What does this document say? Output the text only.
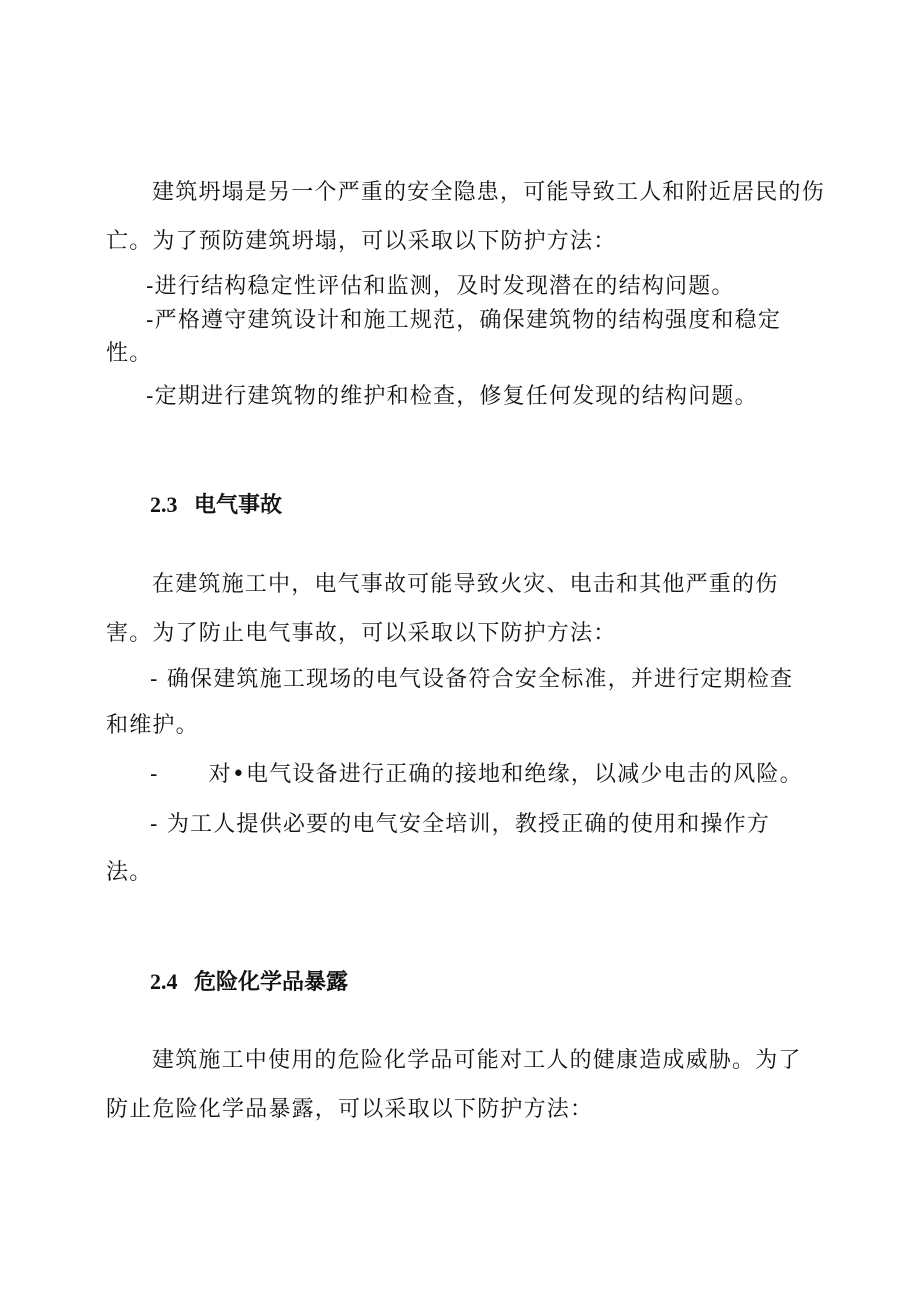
建筑坍塌是另一个严重的安全隐患，可能导致工人和附近居民的伤
亡。为了预防建筑坍塌，可以采取以下防护方法：
-进行结构稳定性评估和监测，及时发现潜在的结构问题。
-严格遵守建筑设计和施工规范，确保建筑物的结构强度和稳定
性。
-定期进行建筑物的维护和检查，修复任何发现的结构问题。
2.3 电气事故
在建筑施工中，电气事故可能导致火灾、电击和其他严重的伤
害。为了防止电气事故，可以采取以下防护方法：
- 确保建筑施工现场的电气设备符合安全标准，并进行定期检查
和维护。
- 对•电气设备进行正确的接地和绝缘，以减少电击的风险。
- 为工人提供必要的电气安全培训，教授正确的使用和操作方
法。
2.4 危险化学品暴露
建筑施工中使用的危险化学品可能对工人的健康造成威胁。为了
防止危险化学品暴露，可以采取以下防护方法：
